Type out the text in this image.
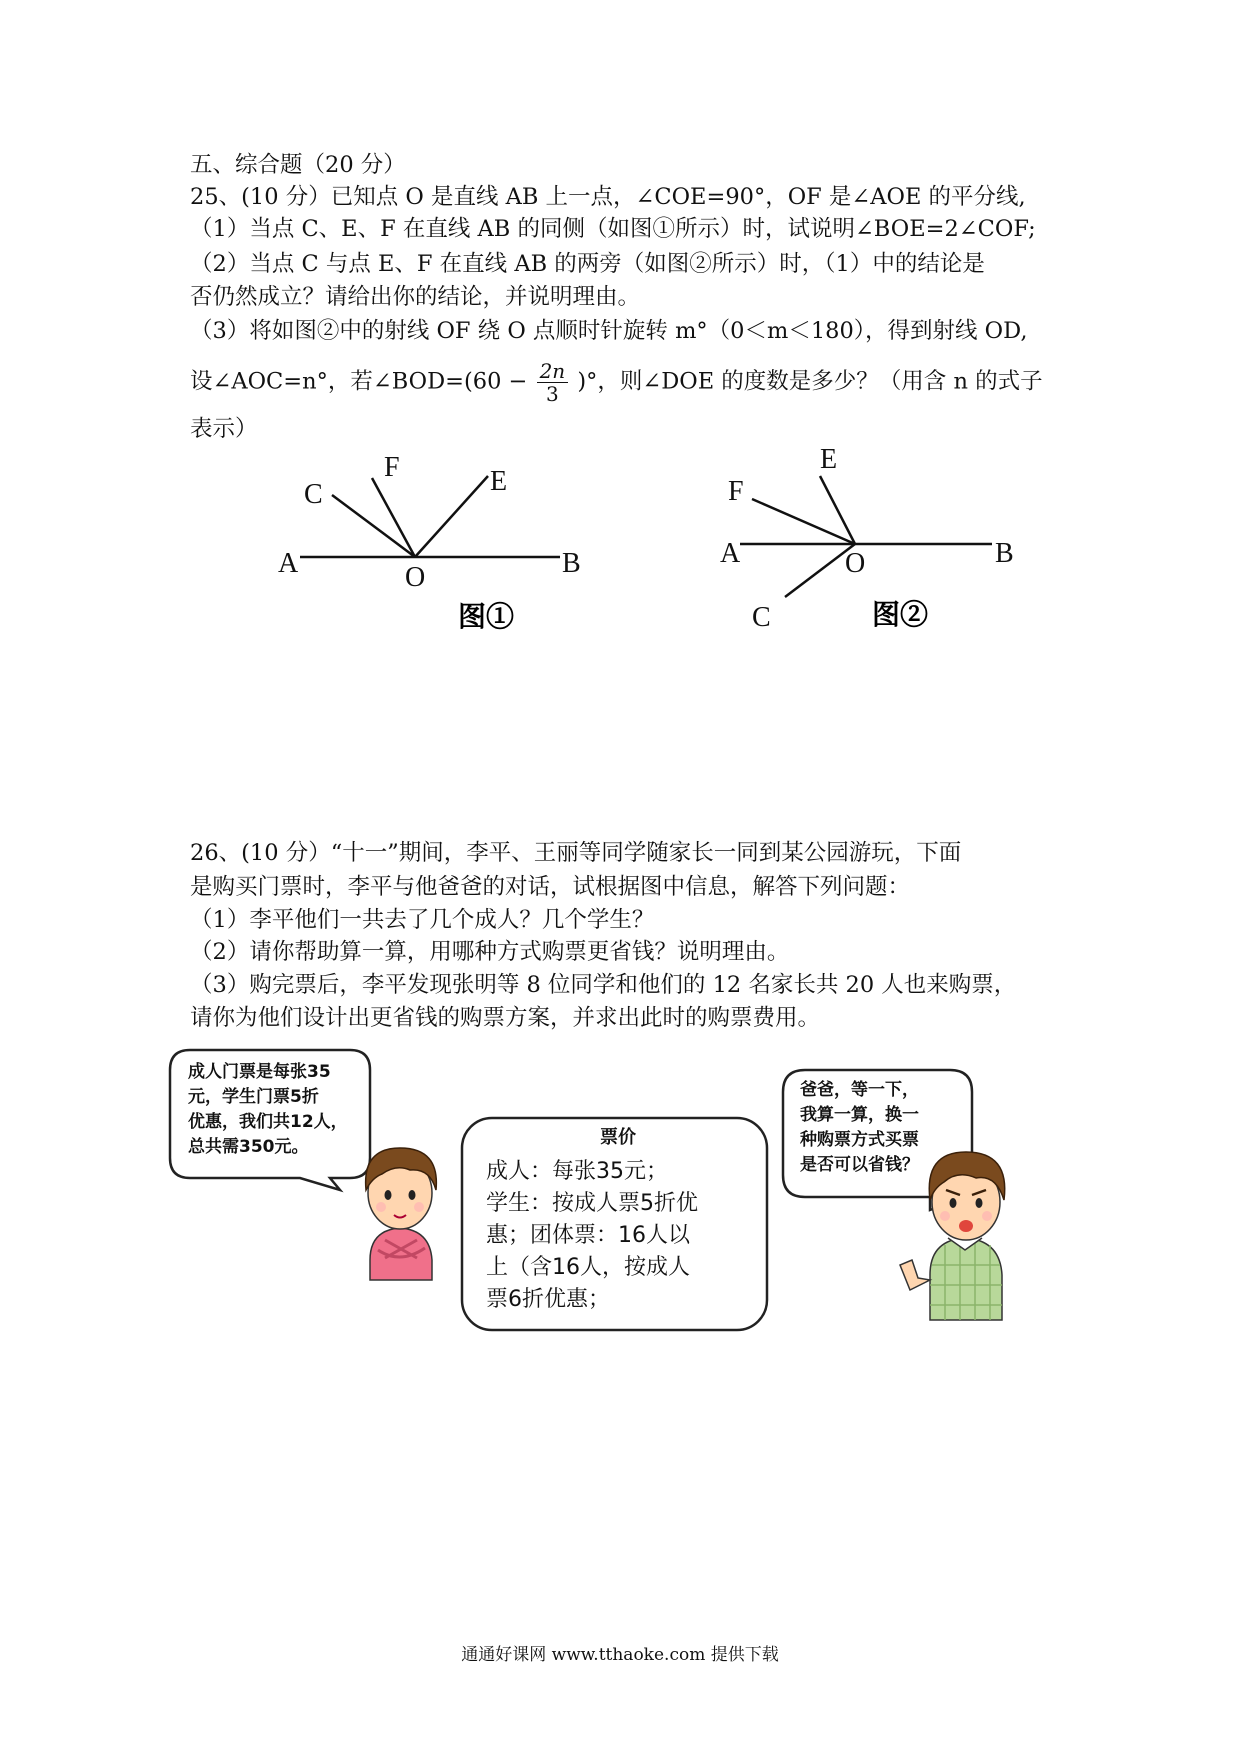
五、综合题（20 分）
25、(10 分）已知点 O 是直线 AB 上一点，∠COE=90°，OF 是∠AOE 的平分线,
（1）当点 C、E、F 在直线 AB 的同侧（如图①所示）时，试说明∠BOE=2∠COF;
（2）当点 C 与点 E、F 在直线 AB 的两旁（如图②所示）时，（1）中的结论是
否仍然成立？请给出你的结论，并说明理由。
（3）将如图②中的射线 OF 绕 O 点顺时针旋转 m°（0＜m＜180），得到射线 OD,
设∠AOC=n°，若∠BOD=(60 − $\frac{2n}{3}$ )°，则∠DOE 的度数是多少？（用含 n 的式子
表示）
A	B
C
F	E
O
图①
A	B
E
F
O
C	图②
26、(10 分）“十一”期间，李平、王丽等同学随家长一同到某公园游玩，下面
是购买门票时，李平与他爸爸的对话，试根据图中信息，解答下列问题：
（1）李平他们一共去了几个成人？几个学生？
（2）请你帮助算一算，用哪种方式购票更省钱？说明理由。
（3）购完票后，李平发现张明等 8 位同学和他们的 12 名家长共 20 人也来购票，
请你为他们设计出更省钱的购票方案，并求出此时的购票费用。
成人门票是每张35
元，学生门票5折
优惠，我们共12人，
总共需350元。
爸爸，等一下，
我算一算，换一
种购票方式买票
是否可以省钱？
票价
成人：每张35元；
学生：按成人票5折优
惠；团体票：16人以
上（含16人，按成人
票6折优惠；
通通好课网 www.tthaoke.com 提供下载
